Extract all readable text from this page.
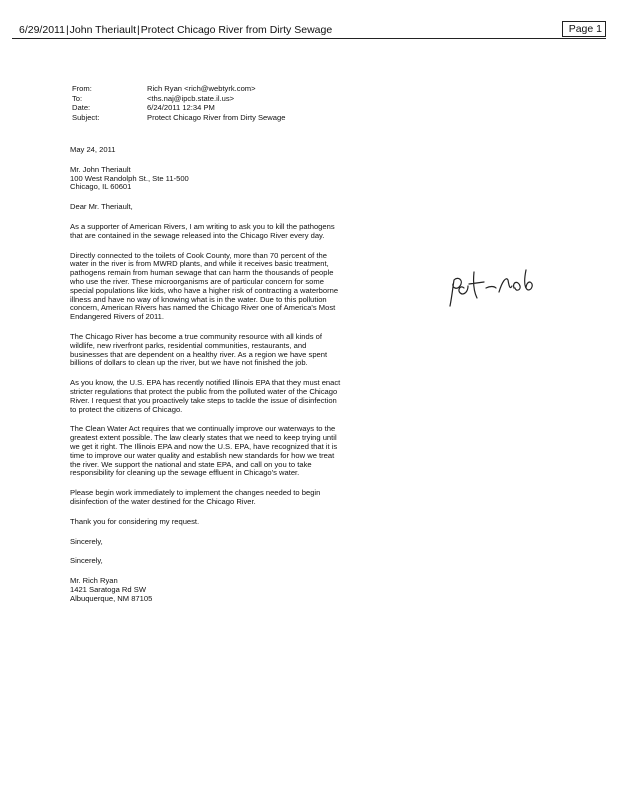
6/29/2011|John Theriault|Protect Chicago River from Dirty Sewage	Page 1
From:	Rich Ryan <rich@webtyrk.com>
To:	<ths.naj@ipcb.state.il.us>
Date:	6/24/2011 12:34 PM
Subject:	Protect Chicago River from Dirty Sewage

May 24, 2011

Mr. John Theriault
100 West Randolph St., Ste 11-500
Chicago, IL 60601

Dear Mr. Theriault,

As a supporter of American Rivers, I am writing to ask you to kill the pathogens that are contained in the sewage released into the Chicago River every day.

Directly connected to the toilets of Cook County, more than 70 percent of the water in the river is from MWRD plants, and while it receives basic treatment, pathogens remain from human sewage that can harm the thousands of people who use the river. These microorganisms are of particular concern for some special populations like kids, who have a higher risk of contracting a waterborne illness and have no way of knowing what is in the water. Due to this pollution concern, American Rivers has named the Chicago River one of America's Most Endangered Rivers of 2011.

The Chicago River has become a true community resource with all kinds of wildlife, new riverfront parks, residential communities, restaurants, and businesses that are dependent on a healthy river. As a region we have spent billions of dollars to clean up the river, but we have not finished the job.

As you know, the U.S. EPA has recently notified Illinois EPA that they must enact stricter regulations that protect the public from the polluted water of the Chicago River. I request that you proactively take steps to tackle the issue of disinfection to protect the citizens of Chicago.

The Clean Water Act requires that we continually improve our waterways to the greatest extent possible. The law clearly states that we need to keep trying until we get it right. The Illinois EPA and now the U.S. EPA, have recognized that it is time to improve our water quality and establish new standards for how we treat the river. We support the national and state EPA, and call on you to take responsibility for cleaning up the sewage effluent in Chicago's water.

Please begin work immediately to implement the changes needed to begin disinfection of the water destined for the Chicago River.

Thank you for considering my request.

Sincerely,

Sincerely,

Mr. Rich Ryan
1421 Saratoga Rd SW
Albuquerque, NM 87105
